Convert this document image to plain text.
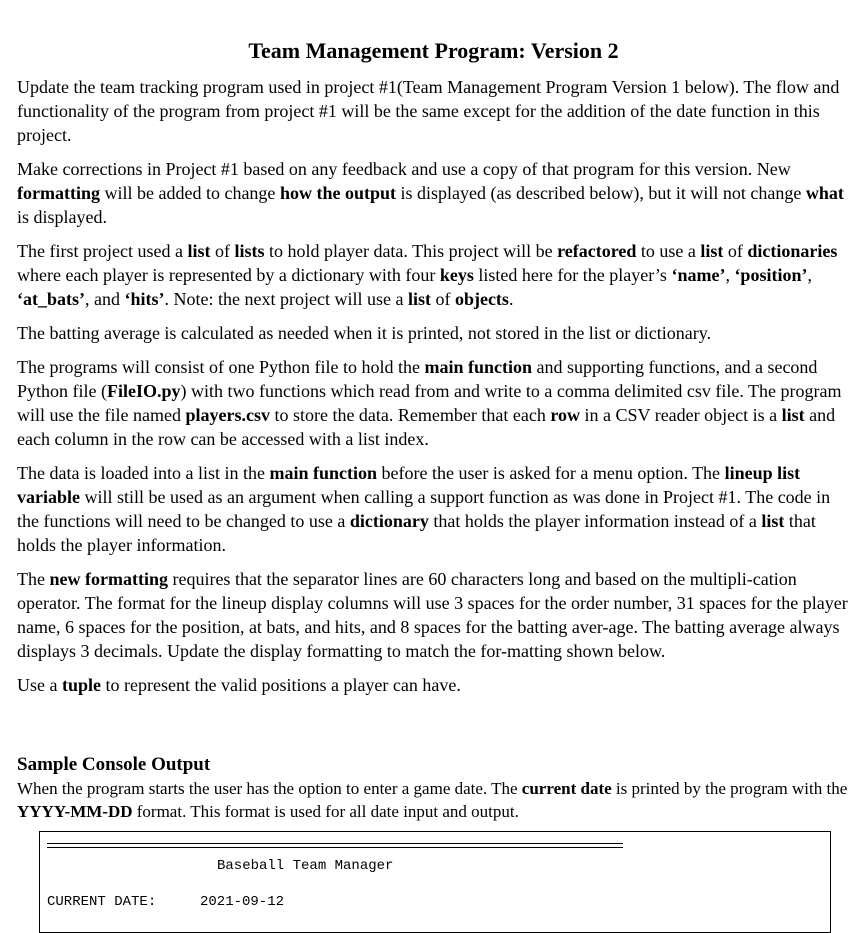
Team Management Program: Version 2

Update the team tracking program used in project #1(Team Management Program Version 1 below). The flow and functionality of the program from project #1 will be the same except for the addition of the date function in this project.

Make corrections in Project #1 based on any feedback and use a copy of that program for this version. New formatting will be added to change how the output is displayed (as described below), but it will not change what is displayed.

The first project used a list of lists to hold player data. This project will be refactored to use a list of dictionaries where each player is represented by a dictionary with four keys listed here for the player’s ‘name’, ‘position’, ‘at_bats’, and ‘hits’. Note: the next project will use a list of objects.

The batting average is calculated as needed when it is printed, not stored in the list or dictionary.

The programs will consist of one Python file to hold the main function and supporting functions, and a second Python file (FileIO.py) with two functions which read from and write to a comma delimited csv file. The program will use the file named players.csv to store the data. Remember that each row in a CSV reader object is a list and each column in the row can be accessed with a list index.

The data is loaded into a list in the main function before the user is asked for a menu option. The lineup list variable will still be used as an argument when calling a support function as was done in Project #1. The code in the functions will need to be changed to use a dictionary that holds the player information instead of a list that holds the player information.

The new formatting requires that the separator lines are 60 characters long and based on the multipli-cation operator. The format for the lineup display columns will use 3 spaces for the order number, 31 spaces for the player name, 6 spaces for the position, at bats, and hits, and 8 spaces for the batting aver-age. The batting average always displays 3 decimals. Update the display formatting to match the for-matting shown below.

Use a tuple to represent the valid positions a player can have.

Sample Console Output
When the program starts the user has the option to enter a game date. The current date is printed by the program with the YYYY-MM-DD format. This format is used for all date input and output.
Baseball Team Manager
CURRENT DATE:	2021-09-12
